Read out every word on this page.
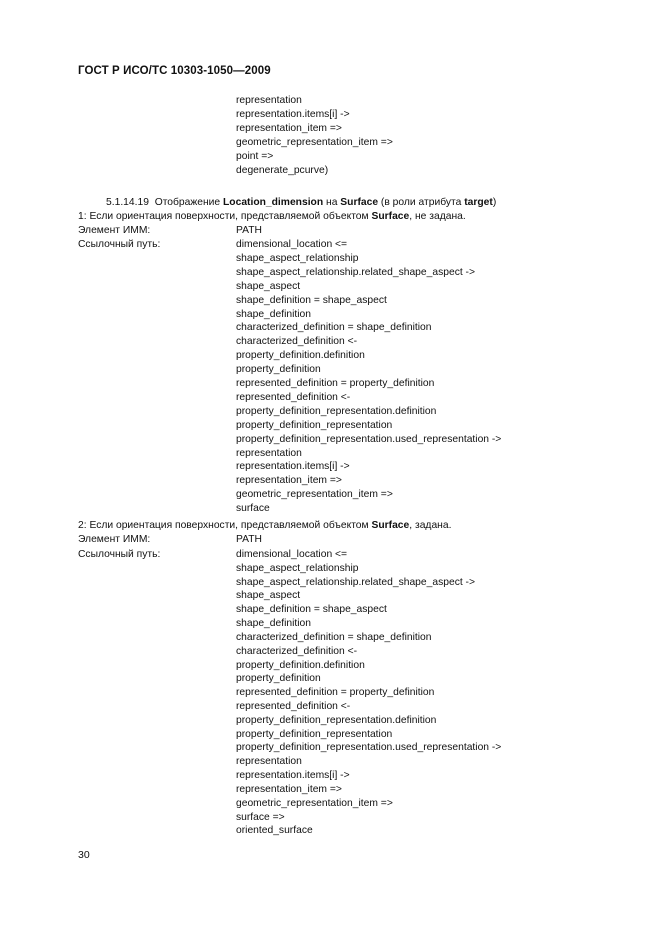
ГОСТ Р ИСО/ТС 10303-1050—2009
representation
representation.items[i] ->
representation_item =>
geometric_representation_item =>
point =>
degenerate_pcurve)
5.1.14.19 Отображение Location_dimension на Surface (в роли атрибута target)
1: Если ориентация поверхности, представляемой объектом Surface, не задана.
Элемент ИММ:	PATH
Ссылочный путь:	dimensional_location <=
shape_aspect_relationship
shape_aspect_relationship.related_shape_aspect ->
shape_aspect
shape_definition = shape_aspect
shape_definition
characterized_definition = shape_definition
characterized_definition <-
property_definition.definition
property_definition
represented_definition = property_definition
represented_definition <-
property_definition_representation.definition
property_definition_representation
property_definition_representation.used_representation ->
representation
representation.items[i] ->
representation_item =>
geometric_representation_item =>
surface
2: Если ориентация поверхности, представляемой объектом Surface, задана.
Элемент ИММ:	PATH
Ссылочный путь:	dimensional_location <=
shape_aspect_relationship
shape_aspect_relationship.related_shape_aspect ->
shape_aspect
shape_definition = shape_aspect
shape_definition
characterized_definition = shape_definition
characterized_definition <-
property_definition.definition
property_definition
represented_definition = property_definition
represented_definition <-
property_definition_representation.definition
property_definition_representation
property_definition_representation.used_representation ->
representation
representation.items[i] ->
representation_item =>
geometric_representation_item =>
surface =>
oriented_surface
30
